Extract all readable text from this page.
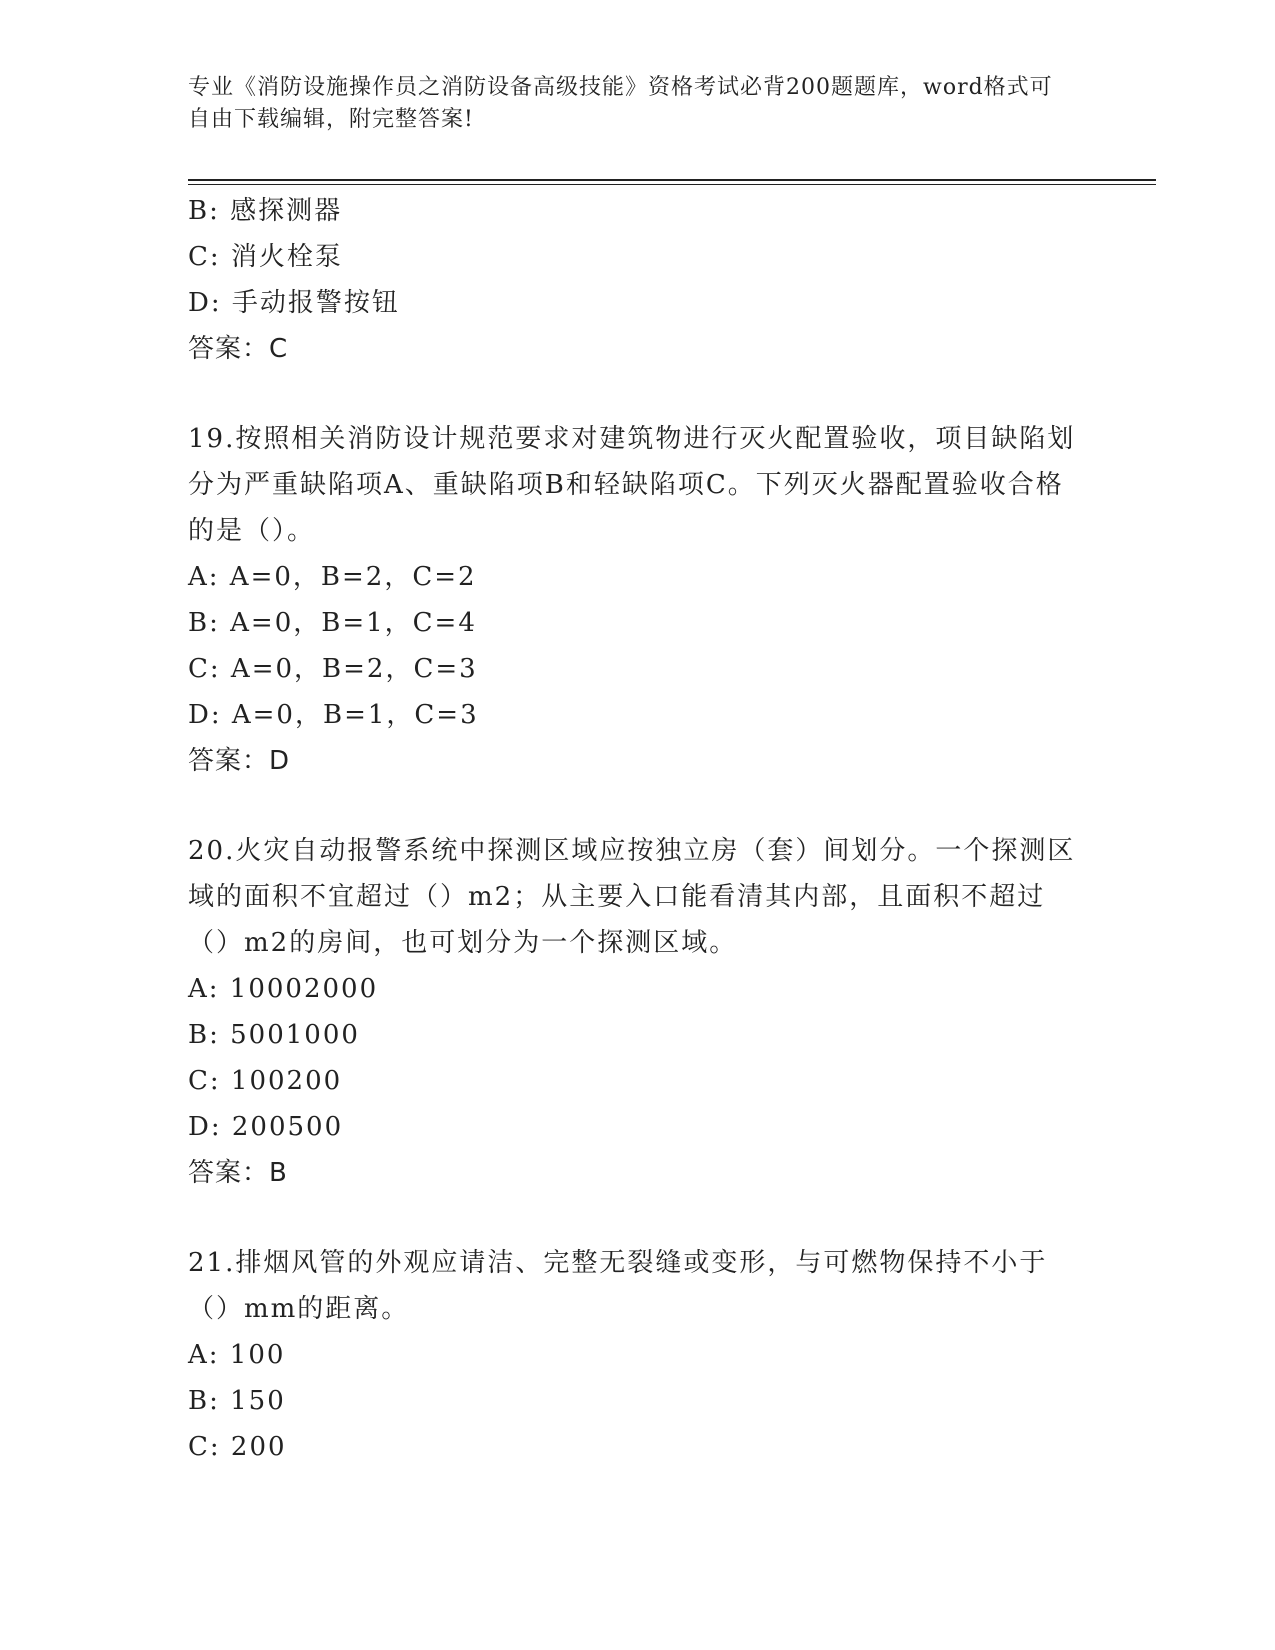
专业《消防设施操作员之消防设备高级技能》资格考试必背200题题库，word格式可自由下载编辑，附完整答案!
B: 感探测器
C: 消火栓泵
D: 手动报警按钮
答案：C
19.按照相关消防设计规范要求对建筑物进行灭火配置验收，项目缺陷划分为严重缺陷项A、重缺陷项B和轻缺陷项C。下列灭火器配置验收合格的是（）。
A: A=0，B=2，C=2
B: A=0，B=1，C=4
C: A=0，B=2，C=3
D: A=0，B=1，C=3
答案：D
20.火灾自动报警系统中探测区域应按独立房（套）间划分。一个探测区域的面积不宜超过（）m2；从主要入口能看清其内部，且面积不超过（）m2的房间，也可划分为一个探测区域。
A: 10002000
B: 5001000
C: 100200
D: 200500
答案：B
21.排烟风管的外观应请洁、完整无裂缝或变形，与可燃物保持不小于（）mm的距离。
A: 100
B: 150
C: 200
